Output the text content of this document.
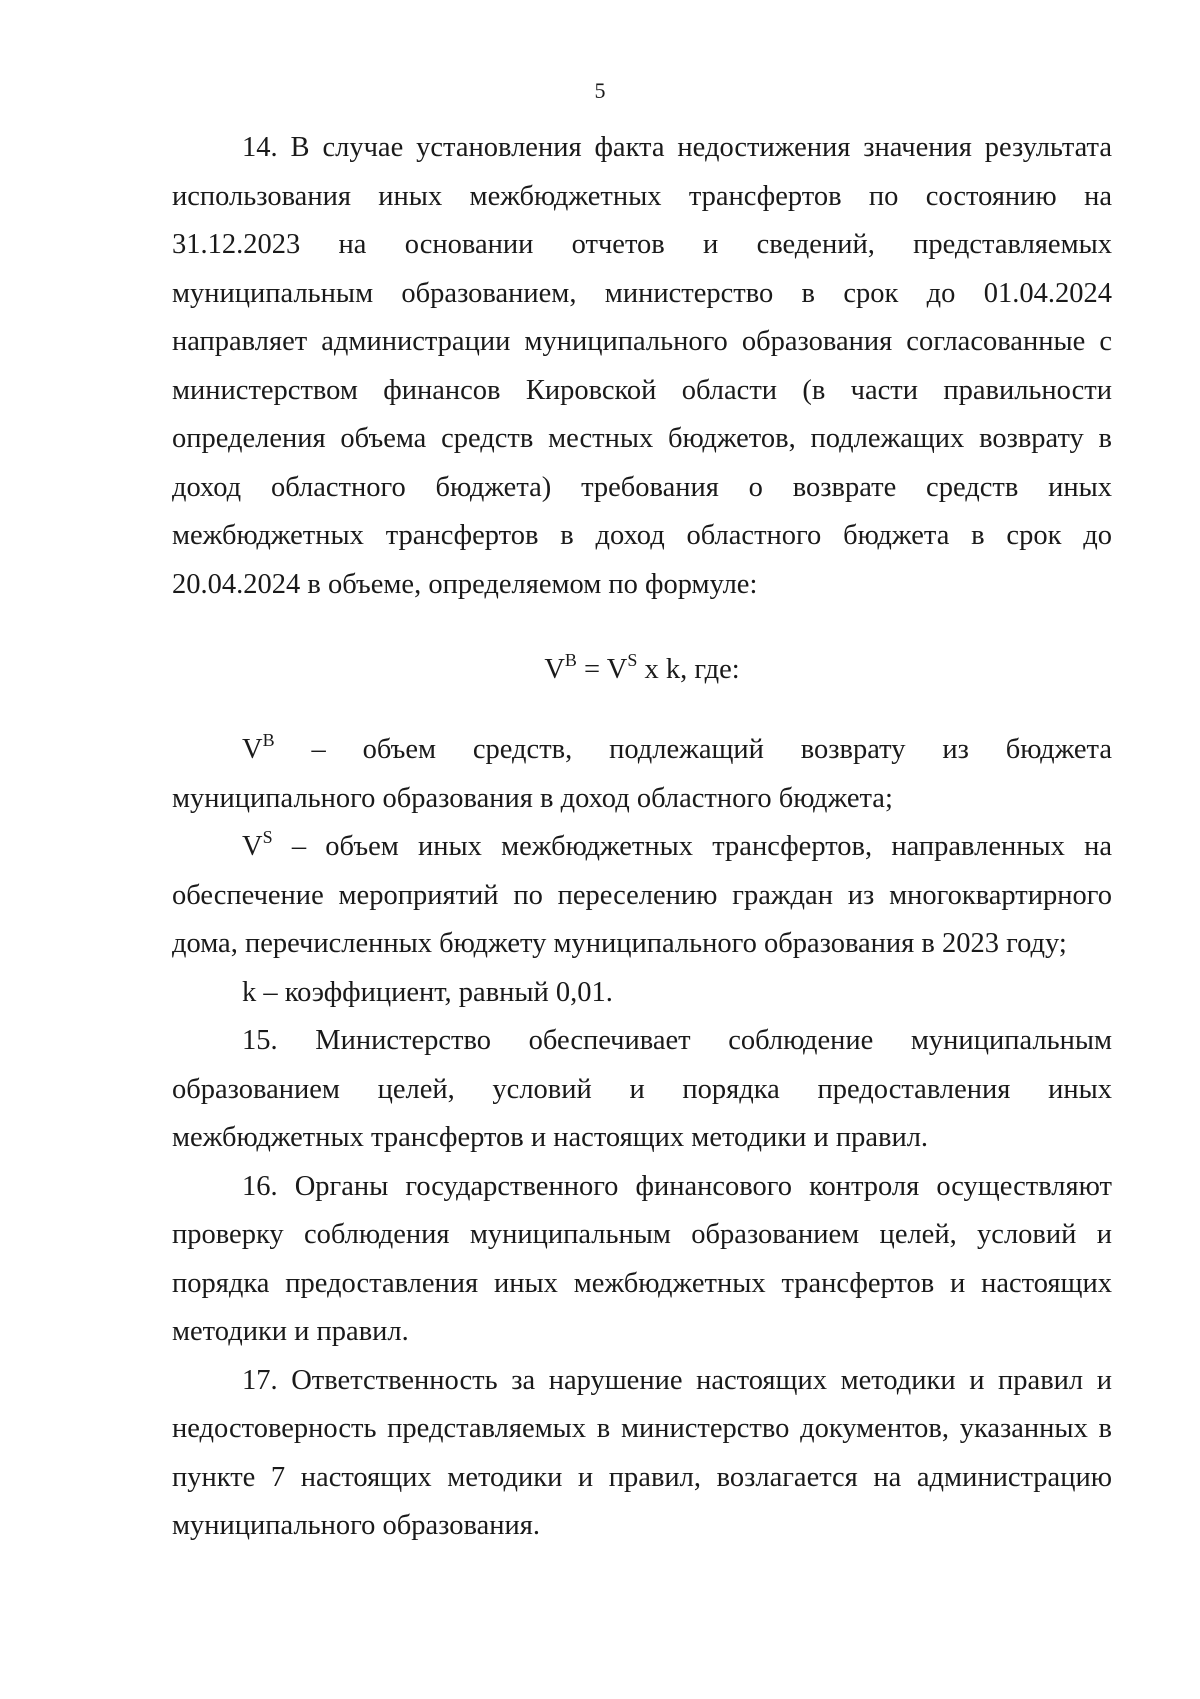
5

14. В случае установления факта недостижения значения результата использования иных межбюджетных трансфертов по состоянию на 31.12.2023 на основании отчетов и сведений, представляемых муниципальным образованием, министерство в срок до 01.04.2024 направляет администрации муниципального образования согласованные с министерством финансов Кировской области (в части правильности определения объема средств местных бюджетов, подлежащих возврату в доход областного бюджета) требования о возврате средств иных межбюджетных трансфертов в доход областного бюджета в срок до 20.04.2024 в объеме, определяемом по формуле:

$V^B = V^S$ x k, где:

$V^B$ – объем средств, подлежащий возврату из бюджета муниципального образования в доход областного бюджета;

$V^S$ – объем иных межбюджетных трансфертов, направленных на обеспечение мероприятий по переселению граждан из многоквартирного дома, перечисленных бюджету муниципального образования в 2023 году;

k – коэффициент, равный 0,01.

15. Министерство обеспечивает соблюдение муниципальным образованием целей, условий и порядка предоставления иных межбюджетных трансфертов и настоящих методики и правил.

16. Органы государственного финансового контроля осуществляют проверку соблюдения муниципальным образованием целей, условий и порядка предоставления иных межбюджетных трансфертов и настоящих методики и правил.

17. Ответственность за нарушение настоящих методики и правил и недостоверность представляемых в министерство документов, указанных в пункте 7 настоящих методики и правил, возлагается на администрацию муниципального образования.
